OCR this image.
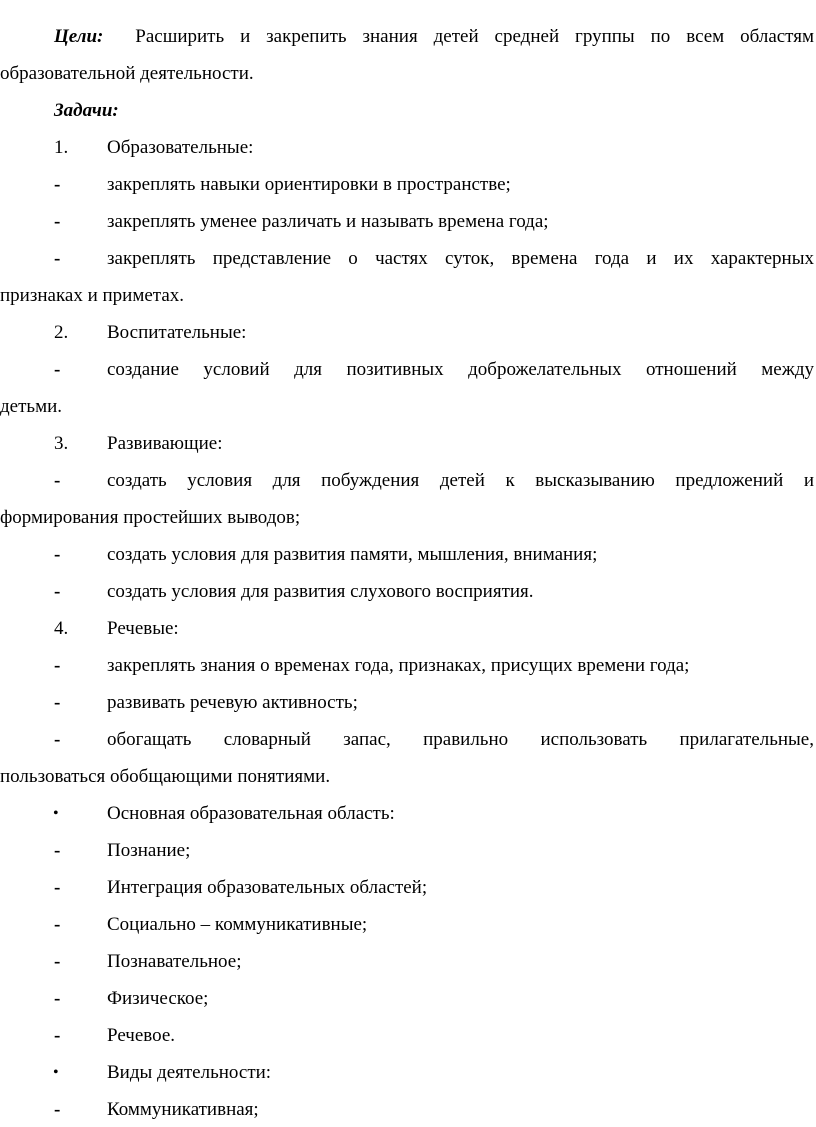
Цели: Расширить и закрепить знания детей средней группы по всем областям
образовательной деятельности.
Задачи:
1. Образовательные:
- закреплять навыки ориентировки в пространстве;
- закреплять уменее различать и называть времена года;
- закреплять представление о частях суток, времена года и их характерных
признаках и приметах.
2. Воспитательные:
- создание условий для позитивных доброжелательных отношений между
детьми.
3. Развивающие:
- создать условия для побуждения детей к высказыванию предложений и
формирования простейших выводов;
- создать условия для развития памяти, мышления, внимания;
- создать условия для развития слухового восприятия.
4. Речевые:
- закреплять знания о временах года, признаках, присущих времени года;
- развивать речевую активность;
- обогащать словарный запас, правильно использовать прилагательные,
пользоваться обобщающими понятиями.
•	Основная образовательная область:
- Познание;
- Интеграция образовательных областей;
- Социально – коммуникативные;
- Познавательное;
- Физическое;
- Речевое.
•	Виды деятельности:
- Коммуникативная;
